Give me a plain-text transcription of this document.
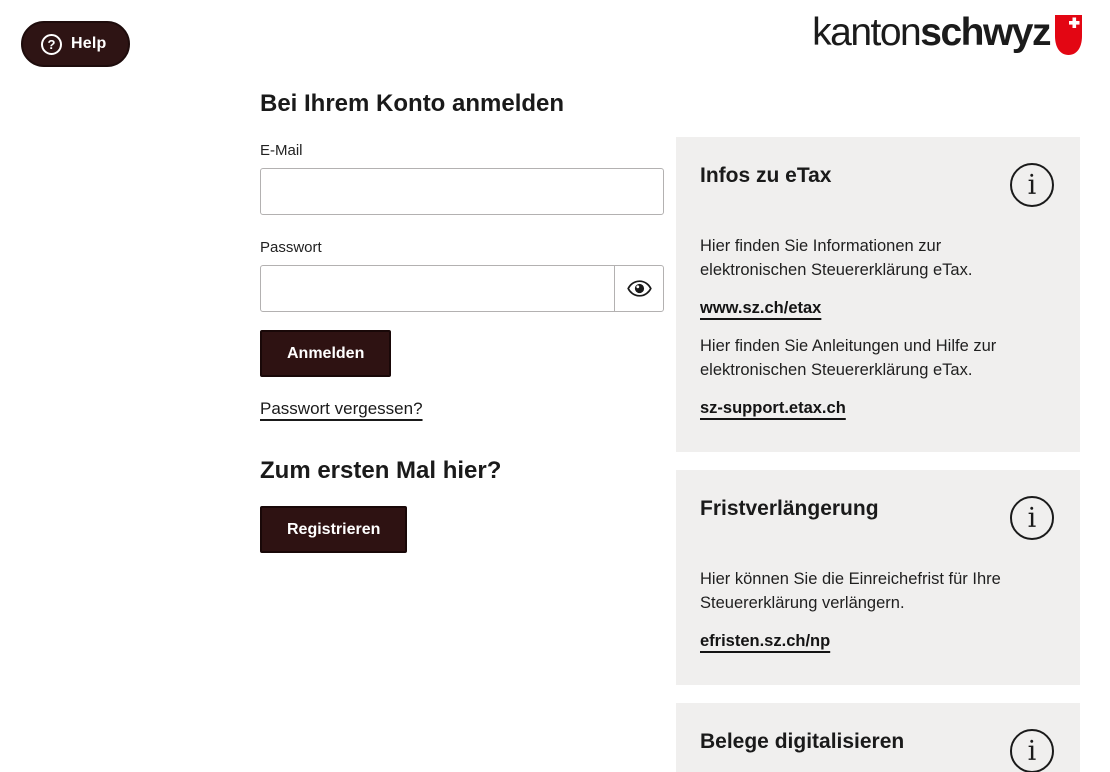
? Help	kantonschwyz
Bei Ihrem Konto anmelden
E-Mail
Passwort
Anmelden
Passwort vergessen?
Zum ersten Mal hier?
Registrieren
Infos zu eTax	i

Hier finden Sie Informationen zur elektronischen Steuererklärung eTax.

www.sz.ch/etax

Hier finden Sie Anleitungen und Hilfe zur elektronischen Steuererklärung eTax.

sz-support.etax.ch
Fristverlängerung	i

Hier können Sie die Einreichefrist für Ihre Steuererklärung verlängern.

efristen.sz.ch/np
Belege digitalisieren	i
